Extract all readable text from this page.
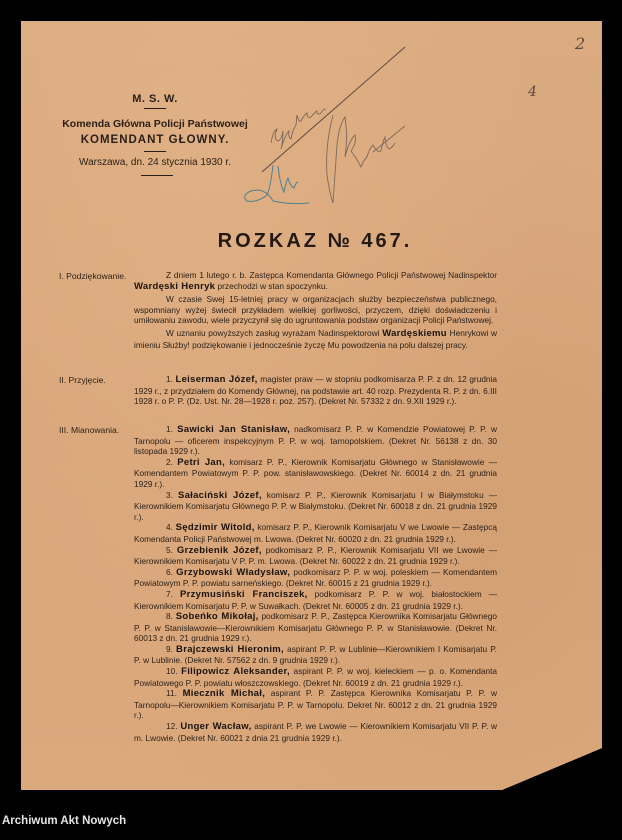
2
4
M. S. W.
Komenda Główna Policji Państwowej
KOMENDANT GŁOWNY.
Warszawa, dn. 24 stycznia 1930 r.
ROZKAZ № 467.
I. Podziękowanie.	Z dniem 1 lutego r. b. Zastępca Komendanta Głównego Policji Państwowej Nadinspektor Wardęski Henryk przechodzi w stan spoczynku.

W czasie Swej 15-letniej pracy w organizacjach służby bezpieczeństwa publicznego, wspomniany wyżej świecił przykładem wielkiej gorliwości, przyczem, dzięki doświadczeniu i umiłowaniu zawodu, wiele przyczynił się do ugruntowania podstaw organizacji Policji Państwowej.

W uznaniu powyższych zasług wyrażam Nadinspektorowi Wardęskiemu Henrykowi w imieniu Służby! podziękowanie i jednocześnie życzę Mu powodzenia na polu dalszej pracy.

II. Przyjęcie.	1. Leiserman Józef, magister praw — w stopniu podkomisarza P. P. z dn. 12 grudnia 1929 r., z przydziałem do Komendy Głównej, na podstawie art. 40 rozp. Prezydenta R. P. z dn. 6.III 1928 r. o P. P. (Dz. Ust. Nr. 28—1928 r. poz. 257). (Dekret Nr. 57332 z dn. 9.XII 1929 r.).

III. Mianowania.	1. Sawicki Jan Stanisław, nadkomisarz P. P. w Komendzie Powiatowej P. P. w Tarnopolu — oficerem inspekcyjnym P. P. w woj. tarnopolskiem. (Dekret Nr. 56138 z dn. 30 listopada 1929 r.).

2. Petri Jan, komisarz P. P., Kierownik Komisarjatu Głównego w Stanisławowie — Komendantem Powiatowym P. P. pow. stanisławowskiego. (Dekret Nr. 60014 z dn. 21 grudnia 1929 r.).

3. Sałaciński Józef, komisarz P. P., Kierownik Komisarjatu I w Białymstoku — Kierownikiem Komisarjatu Głównego P. P. w Białymstoku. (Dekret Nr. 60018 z dn. 21 grudnia 1929 r.).

4. Sędzimir Witold, komisarz P. P., Kierownik Komisarjatu V we Lwowie — Zastępcą Komendanta Policji Państwowej m. Lwowa. (Dekret Nr. 60020 z dn. 21 grudnia 1929 r.).

5. Grzebienik Józef, podkomisarz P. P., Kierownik Komisarjatu VII we Lwowie — Kierownikiem Komisarjatu V P. P. m. Lwowa. (Dekret Nr. 60022 z dn. 21 grudnia 1929 r.).

6. Grzybowski Władysław, podkomisarz P. P. w woj. poleskiem — Komendantem Powiatowym P. P. powiatu sarneńskiego. (Dekret Nr. 60015 z 21 grudnia 1929 r.).

7. Przymusiński Franciszek, podkomisarz P. P. w woj. białostockiem — Kierownikiem Komisarjatu P. P. w Suwałkach. (Dekret Nr. 60005 z dn. 21 grudnia 1929 r.).

8. Sobeńko Mikołaj, podkomisarz P. P., Zastępca Kierownika Komisarjatu Głównego P. P. w Stanisławowie—Kierownikiem Komisarjatu Głównego P. P. w Stanisławowie. (Dekret Nr. 60013 z dn. 21 grudnia 1929 r.).

9. Brajczewski Hieronim, aspirant P. P. w Lublinie—Kierownikiem I Komisarjatu P. P. w Lublinie. (Dekret Nr. 57562 z dn. 9 grudnia 1929 r.).

10. Filipowicz Aleksander, aspirant P. P. w woj. kieleckiem — p. o. Komendanta Powiatowego P. P. powiatu włoszczowskiego. (Dekret Nr. 60019 z dn. 21 grudnia 1929 r.).

11. Miecznik Michał, aspirant P. P. Zastępca Kierownika Komisarjatu P. P. w Tarnopolu—Kierownikiem Komisarjatu P. P. w Tarnopolu. Dekret Nr. 60012 z dn. 21 grudnia 1929 r.).

12. Unger Wacław, aspirant P. P. we Lwowie — Kierownikiem Komisarjatu VII P. P. w m. Lwowie. (Dekret Nr. 60021 z dnia 21 grudnia 1929 r.).

Archiwum Akt Nowych
